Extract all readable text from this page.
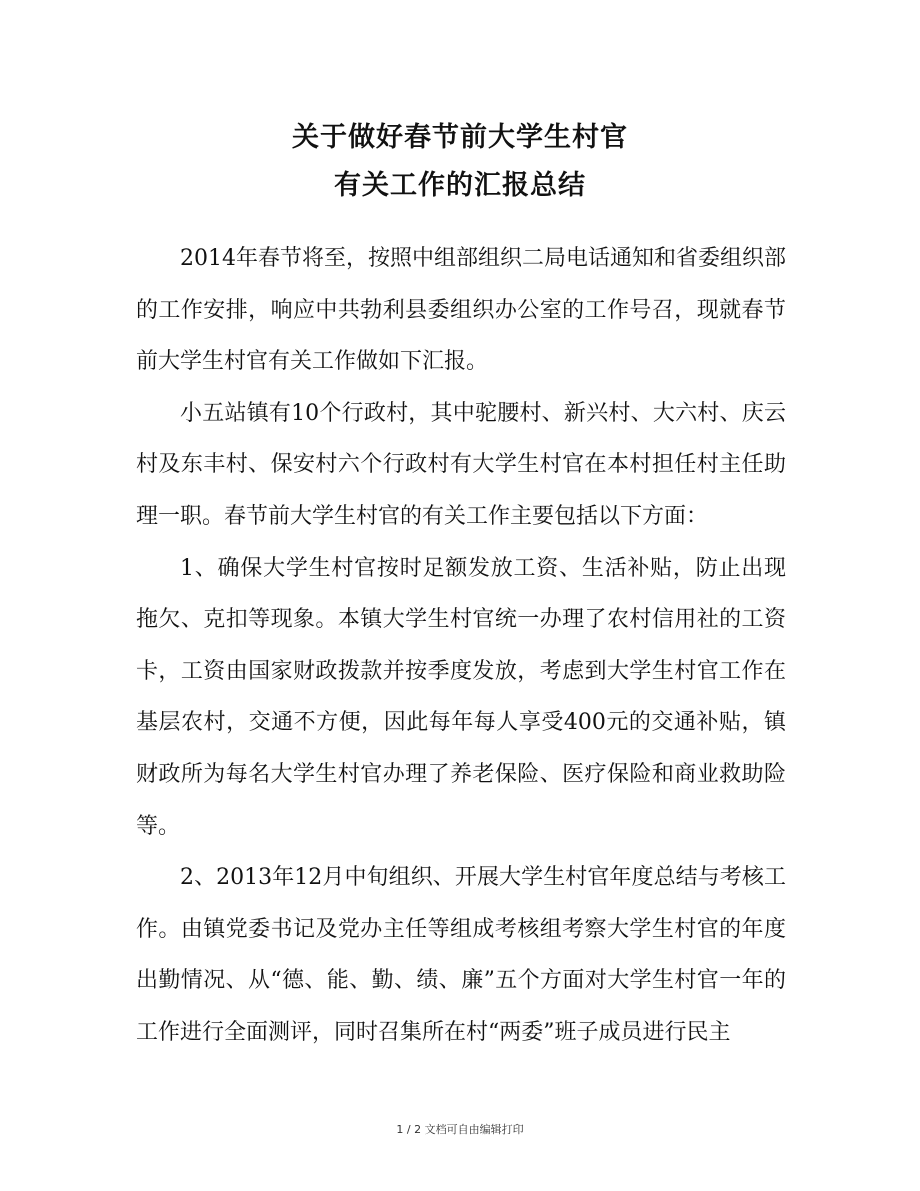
关于做好春节前大学生村官
有关工作的汇报总结

2014年春节将至，按照中组部组织二局电话通知和省委组织部的工作安排，响应中共勃利县委组织办公室的工作号召，现就春节前大学生村官有关工作做如下汇报。

小五站镇有10个行政村，其中驼腰村、新兴村、大六村、庆云村及东丰村、保安村六个行政村有大学生村官在本村担任村主任助理一职。春节前大学生村官的有关工作主要包括以下方面：

1、确保大学生村官按时足额发放工资、生活补贴，防止出现拖欠、克扣等现象。本镇大学生村官统一办理了农村信用社的工资卡，工资由国家财政拨款并按季度发放，考虑到大学生村官工作在基层农村，交通不方便，因此每年每人享受400元的交通补贴，镇财政所为每名大学生村官办理了养老保险、医疗保险和商业救助险等。

2、2013年12月中旬组织、开展大学生村官年度总结与考核工作。由镇党委书记及党办主任等组成考核组考察大学生村官的年度出勤情况、从“德、能、勤、绩、廉”五个方面对大学生村官一年的工作进行全面测评，同时召集所在村“两委”班子成员进行民主

1 / 2 文档可自由编辑打印
